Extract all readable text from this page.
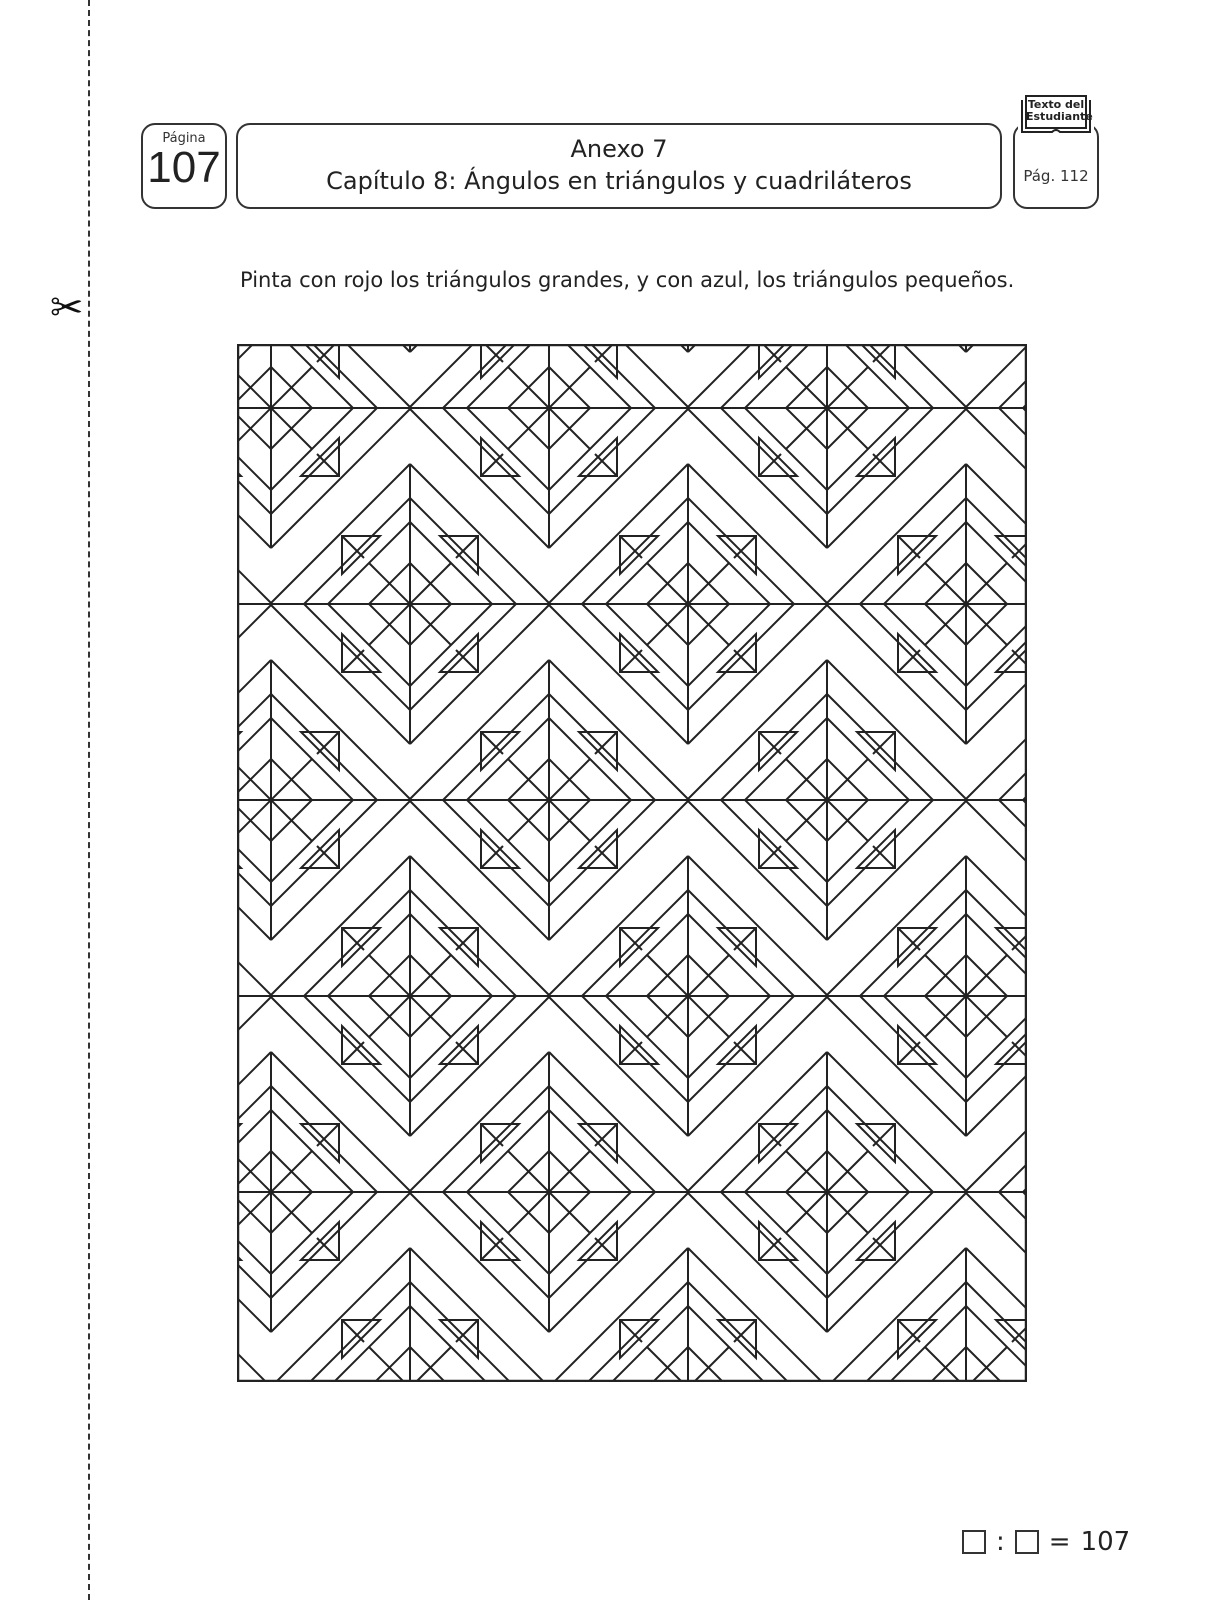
✂
Página
107	Anexo 7
Capítulo 8: Ángulos en triángulos y cuadriláteros	Pág. 112
Texto del Estudiante
Pinta con rojo los triángulos grandes, y con azul, los triángulos pequeños.
: = 107
